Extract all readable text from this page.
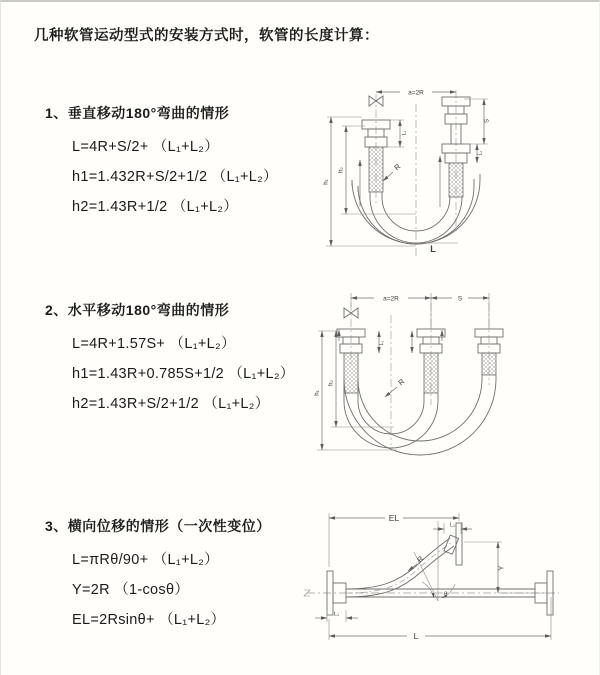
几种软管运动型式的安装方式时，软管的长度计算：
1、垂直移动180°弯曲的情形

L=4R+S/2+ （L₁+L₂）

h1=1.432R+S/2+1/2 （L₁+L₂）

h2=1.43R+1/2 （L₁+L₂）

a=2R
L₁
S
L₁
h₁
h₂	R
L
2、水平移动180°弯曲的情形

L=4R+1.57S+ （L₁+L₂）

h1=1.43R+0.785S+1/2 （L₁+L₂）

h2=1.43R+S/2+1/2 （L₁+L₂）

a=2R	S
L₁
h₁
h₂	R
3、横向位移的情形（一次性变位）

L=πRθ/90+ （L₁+L₂）

Y=2R （1-cosθ）

EL=2Rsinθ+ （L₁+L₂）

θ
R
EL
L₁
Y
L
L₁
